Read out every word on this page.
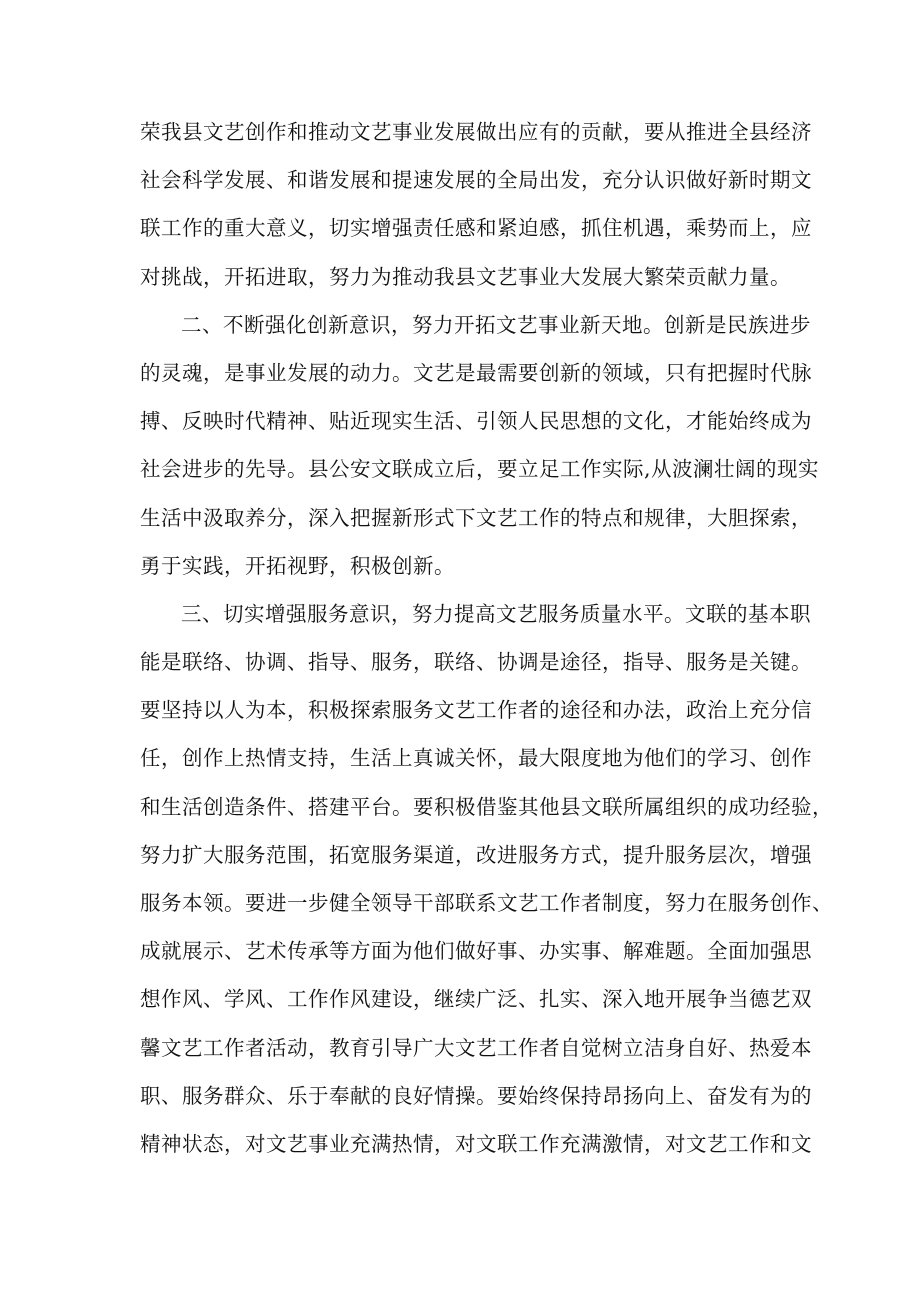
荣我县文艺创作和推动文艺事业发展做出应有的贡献，要从推进全县经济
社会科学发展、和谐发展和提速发展的全局出发，充分认识做好新时期文
联工作的重大意义，切实增强责任感和紧迫感，抓住机遇，乘势而上，应
对挑战，开拓进取，努力为推动我县文艺事业大发展大繁荣贡献力量。
二、不断强化创新意识，努力开拓文艺事业新天地。创新是民族进步
的灵魂，是事业发展的动力。文艺是最需要创新的领域，只有把握时代脉
搏、反映时代精神、贴近现实生活、引领人民思想的文化，才能始终成为
社会进步的先导。县公安文联成立后，要立足工作实际,从波澜壮阔的现实
生活中汲取养分，深入把握新形式下文艺工作的特点和规律，大胆探索，
勇于实践，开拓视野，积极创新。
三、切实增强服务意识，努力提高文艺服务质量水平。文联的基本职
能是联络、协调、指导、服务，联络、协调是途径，指导、服务是关键。
要坚持以人为本，积极探索服务文艺工作者的途径和办法，政治上充分信
任，创作上热情支持，生活上真诚关怀，最大限度地为他们的学习、创作
和生活创造条件、搭建平台。要积极借鉴其他县文联所属组织的成功经验，
努力扩大服务范围，拓宽服务渠道，改进服务方式，提升服务层次，增强
服务本领。要进一步健全领导干部联系文艺工作者制度，努力在服务创作、
成就展示、艺术传承等方面为他们做好事、办实事、解难题。全面加强思
想作风、学风、工作作风建设，继续广泛、扎实、深入地开展争当德艺双
馨文艺工作者活动，教育引导广大文艺工作者自觉树立洁身自好、热爱本
职、服务群众、乐于奉献的良好情操。要始终保持昂扬向上、奋发有为的
精神状态，对文艺事业充满热情，对文联工作充满激情，对文艺工作和文
